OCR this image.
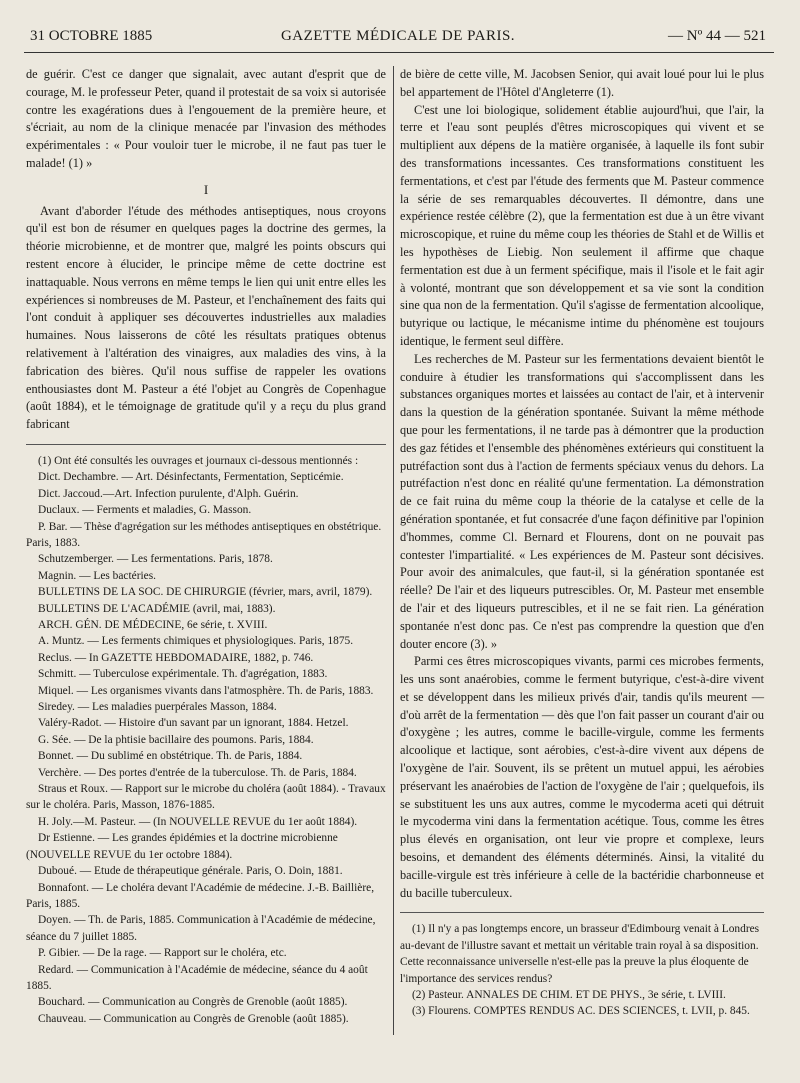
31 OCTOBRE 1885	GAZETTE MÉDICALE DE PARIS.	— Nº 44 — 521

de guérir. C'est ce danger que signalait, avec autant d'esprit que de courage, M. le professeur Peter, quand il protestait de sa voix si autorisée contre les exagérations dues à l'engouement de la première heure, et s'écriait, au nom de la clinique menacée par l'invasion des méthodes expérimentales : « Pour vouloir tuer le microbe, il ne faut pas tuer le malade! (1) »

I

Avant d'aborder l'étude des méthodes antiseptiques, nous croyons qu'il est bon de résumer en quelques pages la doctrine des germes, la théorie microbienne, et de montrer que, malgré les points obscurs qui restent encore à élucider, le principe même de cette doctrine est inattaquable. Nous verrons en même temps le lien qui unit entre elles les expériences si nombreuses de M. Pasteur, et l'enchaînement des faits qui l'ont conduit à appliquer ses découvertes industrielles aux maladies humaines. Nous laisserons de côté les résultats pratiques obtenus relativement à l'altération des vinaigres, aux maladies des vins, à la fabrication des bières. Qu'il nous suffise de rappeler les ovations enthousiastes dont M. Pasteur a été l'objet au Congrès de Copenhague (août 1884), et le témoignage de gratitude qu'il y a reçu du plus grand fabricant

(1) Ont été consultés les ouvrages et journaux ci-dessous mentionnés :

Dict. Dechambre. — Art. Désinfectants, Fermentation, Septicémie.

Dict. Jaccoud.—Art. Infection purulente, d'Alph. Guérin.

Duclaux. — Ferments et maladies, G. Masson.

P. Bar. — Thèse d'agrégation sur les méthodes antiseptiques en obstétrique. Paris, 1883.

Schutzemberger. — Les fermentations. Paris, 1878.

Magnin. — Les bactéries.

BULLETINS DE LA SOC. DE CHIRURGIE (février, mars, avril, 1879).

BULLETINS DE L'ACADÉMIE (avril, mai, 1883).

ARCH. GÉN. DE MÉDECINE, 6e série, t. XVIII.

A. Muntz. — Les ferments chimiques et physiologiques. Paris, 1875.

Reclus. — In GAZETTE HEBDOMADAIRE, 1882, p. 746.

Schmitt. — Tuberculose expérimentale. Th. d'agrégation, 1883.

Miquel. — Les organismes vivants dans l'atmosphère. Th. de Paris, 1883.

Siredey. — Les maladies puerpérales Masson, 1884.

Valéry-Radot. — Histoire d'un savant par un ignorant, 1884. Hetzel.

G. Sée. — De la phtisie bacillaire des poumons. Paris, 1884.

Bonnet. — Du sublimé en obstétrique. Th. de Paris, 1884.

Verchère. — Des portes d'entrée de la tuberculose. Th. de Paris, 1884.

Straus et Roux. — Rapport sur le microbe du choléra (août 1884). - Travaux sur le choléra. Paris, Masson, 1876-1885.

H. Joly.—M. Pasteur. — (In NOUVELLE REVUE du 1er août 1884).

Dr Estienne. — Les grandes épidémies et la doctrine microbienne (NOUVELLE REVUE du 1er octobre 1884).

Duboué. — Etude de thérapeutique générale. Paris, O. Doin, 1881.

Bonnafont. — Le choléra devant l'Académie de médecine. J.-B. Baillière, Paris, 1885.

Doyen. — Th. de Paris, 1885. Communication à l'Académie de médecine, séance du 7 juillet 1885.

P. Gibier. — De la rage. — Rapport sur le choléra, etc.

Redard. — Communication à l'Académie de médecine, séance du 4 août 1885.

Bouchard. — Communication au Congrès de Grenoble (août 1885).

Chauveau. — Communication au Congrès de Grenoble (août 1885).

de bière de cette ville, M. Jacobsen Senior, qui avait loué pour lui le plus bel appartement de l'Hôtel d'Angleterre (1).

C'est une loi biologique, solidement établie aujourd'hui, que l'air, la terre et l'eau sont peuplés d'êtres microscopiques qui vivent et se multiplient aux dépens de la matière organisée, à laquelle ils font subir des transformations incessantes. Ces transformations constituent les fermentations, et c'est par l'étude des ferments que M. Pasteur commence la série de ses remarquables découvertes. Il démontre, dans une expérience restée célèbre (2), que la fermentation est due à un être vivant microscopique, et ruine du même coup les théories de Stahl et de Willis et les hypothèses de Liebig. Non seulement il affirme que chaque fermentation est due à un ferment spécifique, mais il l'isole et le fait agir à volonté, montrant que son développement et sa vie sont la condition sine qua non de la fermentation. Qu'il s'agisse de fermentation alcoolique, butyrique ou lactique, le mécanisme intime du phénomène est toujours identique, le ferment seul diffère.

Les recherches de M. Pasteur sur les fermentations devaient bientôt le conduire à étudier les transformations qui s'accomplissent dans les substances organiques mortes et laissées au contact de l'air, et à intervenir dans la question de la génération spontanée. Suivant la même méthode que pour les fermentations, il ne tarde pas à démontrer que la production des gaz fétides et l'ensemble des phénomènes extérieurs qui constituent la putréfaction sont dus à l'action de ferments spéciaux venus du dehors. La putréfaction n'est donc en réalité qu'une fermentation. La démonstration de ce fait ruina du même coup la théorie de la catalyse et celle de la génération spontanée, et fut consacrée d'une façon définitive par l'opinion d'hommes, comme Cl. Bernard et Flourens, dont on ne pouvait pas contester l'impartialité. « Les expériences de M. Pasteur sont décisives. Pour avoir des animalcules, que faut-il, si la génération spontanée est réelle? De l'air et des liqueurs putrescibles. Or, M. Pasteur met ensemble de l'air et des liqueurs putrescibles, et il ne se fait rien. La génération spontanée n'est donc pas. Ce n'est pas comprendre la question que d'en douter encore (3). »

Parmi ces êtres microscopiques vivants, parmi ces microbes ferments, les uns sont anaérobies, comme le ferment butyrique, c'est-à-dire vivent et se développent dans les milieux privés d'air, tandis qu'ils meurent — d'où arrêt de la fermentation — dès que l'on fait passer un courant d'air ou d'oxygène ; les autres, comme le bacille-virgule, comme les ferments alcoolique et lactique, sont aérobies, c'est-à-dire vivent aux dépens de l'oxygène de l'air. Souvent, ils se prêtent un mutuel appui, les aérobies préservant les anaérobies de l'action de l'oxygène de l'air ; quelquefois, ils se substituent les uns aux autres, comme le mycoderma aceti qui détruit le mycoderma vini dans la fermentation acétique. Tous, comme les êtres plus élevés en organisation, ont leur vie propre et complexe, leurs besoins, et demandent des éléments déterminés. Ainsi, la vitalité du bacille-virgule est très inférieure à celle de la bactéridie charbonneuse et du bacille tuberculeux.

(1) Il n'y a pas longtemps encore, un brasseur d'Edimbourg venait à Londres au-devant de l'illustre savant et mettait un véritable train royal à sa disposition. Cette reconnaissance universelle n'est-elle pas la preuve la plus éloquente de l'importance des services rendus?

(2) Pasteur. ANNALES DE CHIM. ET DE PHYS., 3e série, t. LVIII.

(3) Flourens. COMPTES RENDUS AC. DES SCIENCES, t. LVII, p. 845.
